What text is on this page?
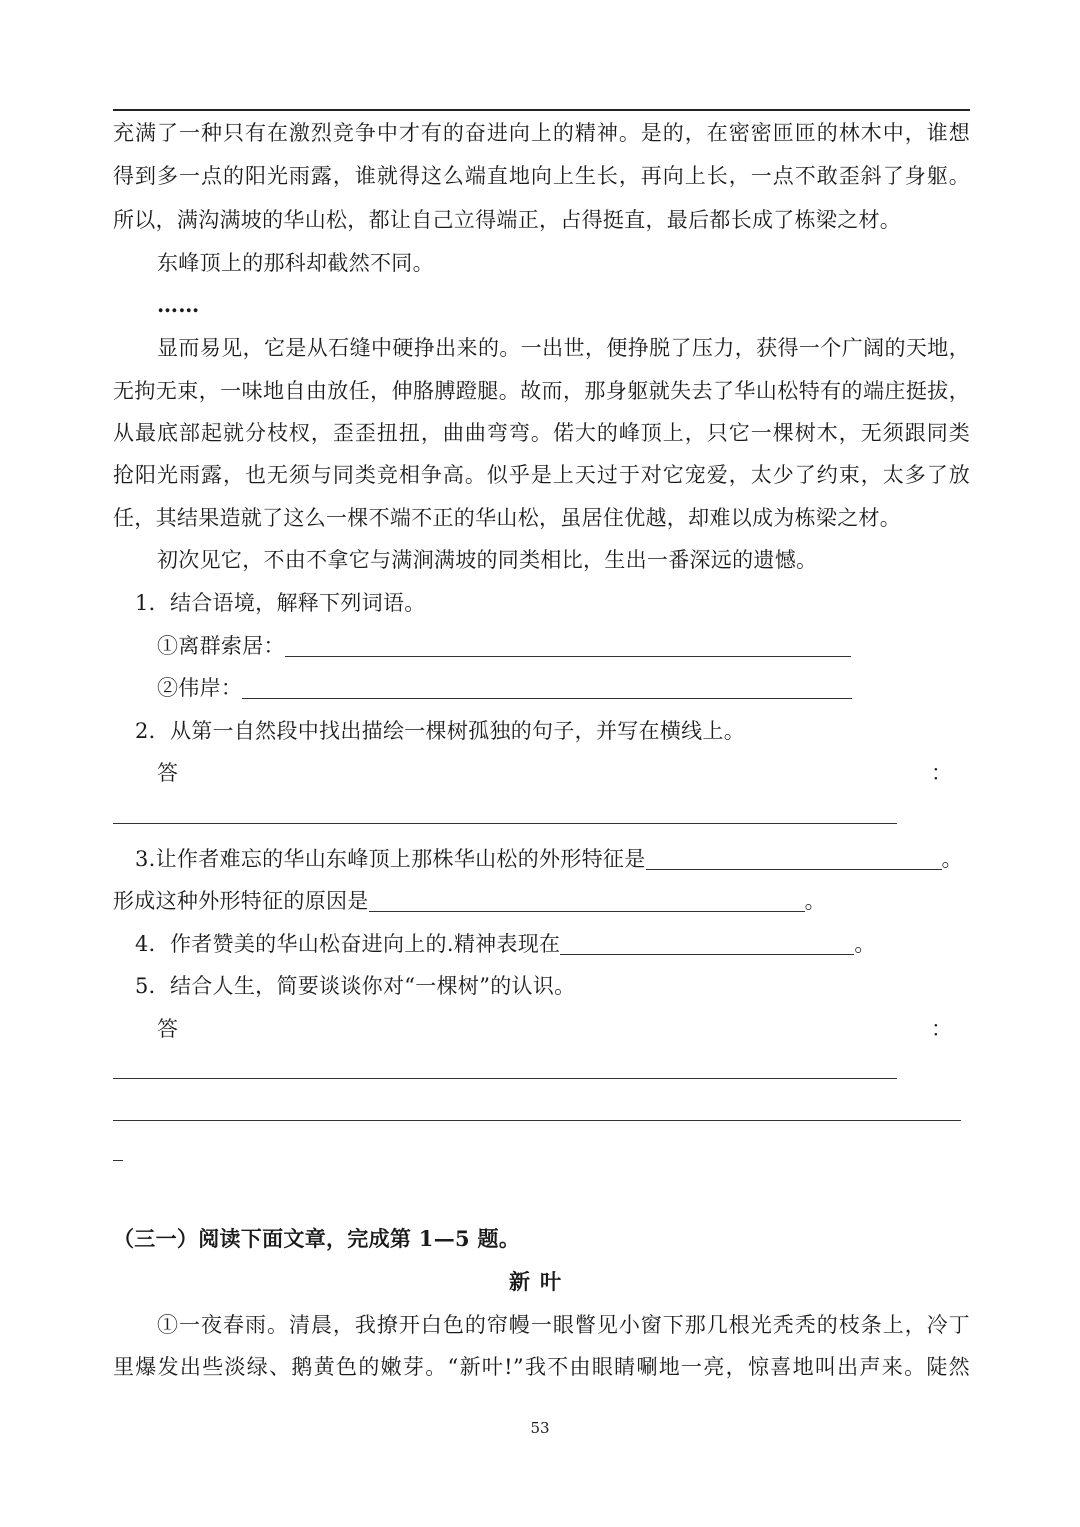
充满了一种只有在激烈竞争中才有的奋进向上的精神。是的，在密密匝匝的林木中，谁想
得到多一点的阳光雨露，谁就得这么端直地向上生长，再向上长，一点不敢歪斜了身躯。
所以，满沟满坡的华山松，都让自己立得端正，占得挺直，最后都长成了栋梁之材。
东峰顶上的那科却截然不同。
……
显而易见，它是从石缝中硬挣出来的。一出世，便挣脱了压力，获得一个广阔的天地，
无拘无束，一味地自由放任，伸胳膊蹬腿。故而，那身躯就失去了华山松特有的端庄挺拔，
从最底部起就分枝杈，歪歪扭扭，曲曲弯弯。偌大的峰顶上，只它一棵树木，无须跟同类
抢阳光雨露，也无须与同类竞相争高。似乎是上天过于对它宠爱，太少了约束，太多了放
任，其结果造就了这么一棵不端不正的华山松，虽居住优越，却难以成为栋梁之材。
初次见它，不由不拿它与满涧满坡的同类相比，生出一番深远的遗憾。
1．结合语境，解释下列词语。
①离群索居：
②伟岸：
2．从第一自然段中找出描绘一棵树孤独的句子，并写在横线上。
答	：
3.让作者难忘的华山东峰顶上那株华山松的外形特征是	。
形成这种外形特征的原因是	。
4．作者赞美的华山松奋进向上的.精神表现在	。
5．结合人生，简要谈谈你对“一棵树”的认识。
答	：
（三一）阅读下面文章，完成第 1—5 题。
新叶
①一夜春雨。清晨，我撩开白色的帘幔一眼瞥见小窗下那几根光秃秃的枝条上，冷丁
里爆发出些淡绿、鹅黄色的嫩芽。“新叶!”我不由眼睛唰地一亮，惊喜地叫出声来。陡然
53
